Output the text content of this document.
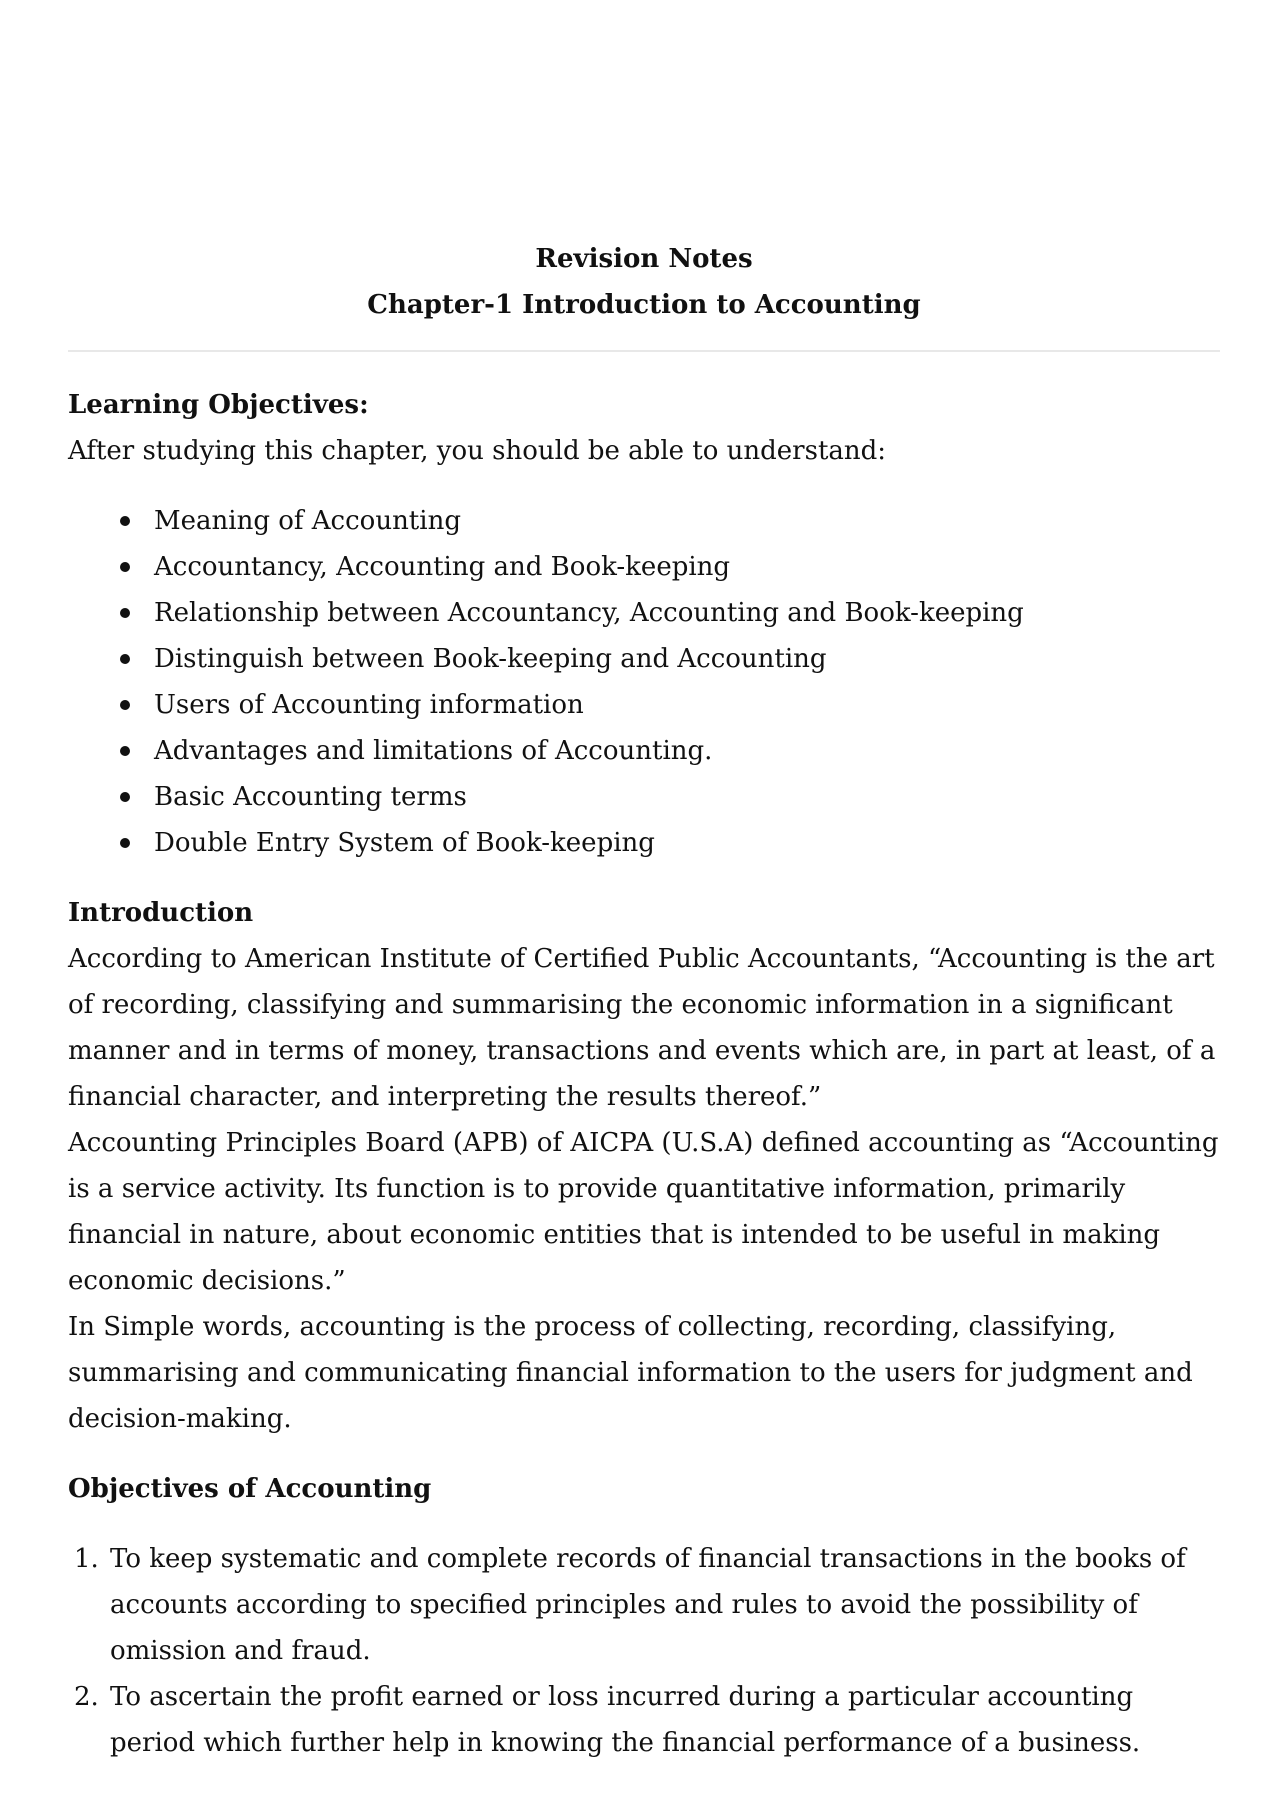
Revision Notes
Chapter-1 Introduction to Accounting

Learning Objectives:

After studying this chapter, you should be able to understand:

Meaning of Accounting
Accountancy, Accounting and Book-keeping
Relationship between Accountancy, Accounting and Book-keeping
Distinguish between Book-keeping and Accounting
Users of Accounting information
Advantages and limitations of Accounting.
Basic Accounting terms
Double Entry System of Book-keeping

Introduction

According to American Institute of Certified Public Accountants, “Accounting is the art of recording, classifying and summarising the economic information in a significant manner and in terms of money, transactions and events which are, in part at least, of a financial character, and interpreting the results thereof.”

Accounting Principles Board (APB) of AICPA (U.S.A) defined accounting as “Accounting is a service activity. Its function is to provide quantitative information, primarily financial in nature, about economic entities that is intended to be useful in making economic decisions.”

In Simple words, accounting is the process of collecting, recording, classifying, summarising and communicating financial information to the users for judgment and decision-making.

Objectives of Accounting

1. To keep systematic and complete records of financial transactions in the books of accounts according to specified principles and rules to avoid the possibility of omission and fraud.
2. To ascertain the profit earned or loss incurred during a particular accounting period which further help in knowing the financial performance of a business.
